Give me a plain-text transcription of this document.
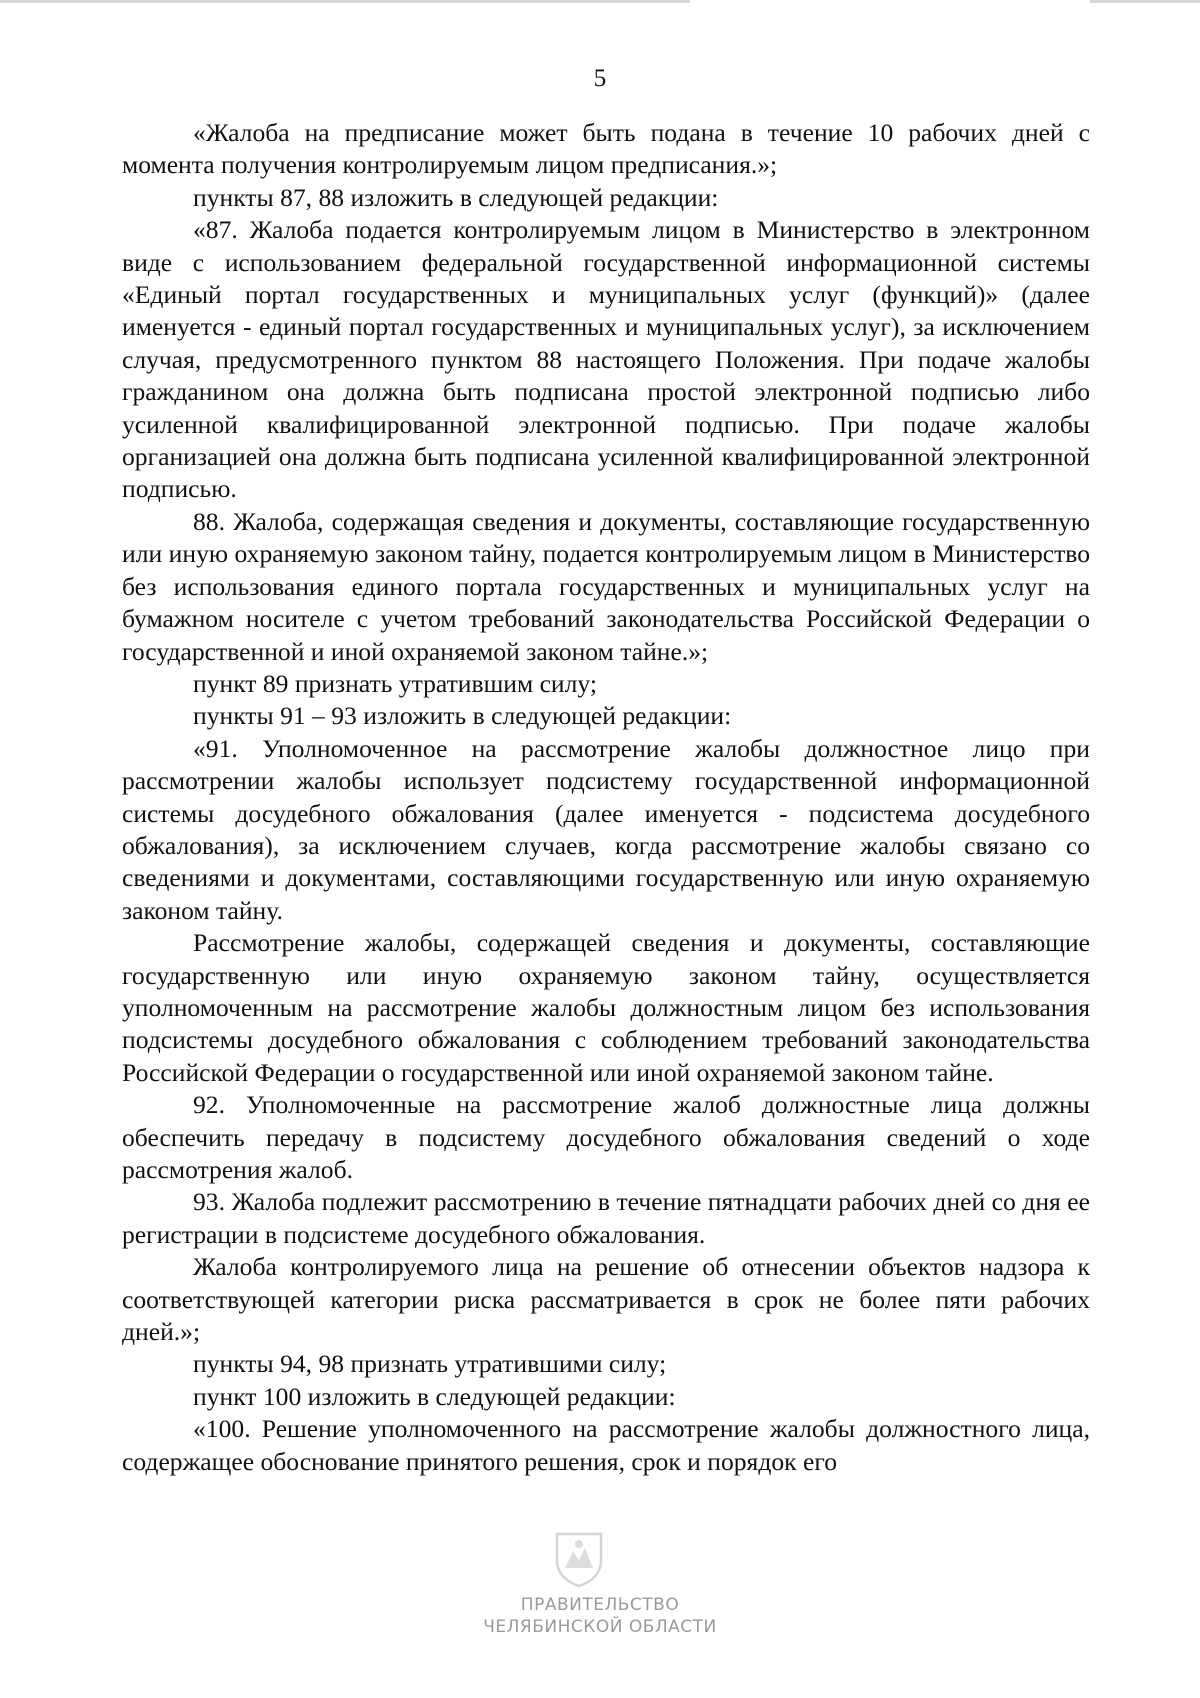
5

«Жалоба на предписание может быть подана в течение 10 рабочих дней с момента получения контролируемым лицом предписания.»;

пункты 87, 88 изложить в следующей редакции:

«87. Жалоба подается контролируемым лицом в Министерство в электронном виде с использованием федеральной государственной информационной системы «Единый портал государственных и муниципальных услуг (функций)» (далее именуется - единый портал государственных и муниципальных услуг), за исключением случая, предусмотренного пунктом 88 настоящего Положения. При подаче жалобы гражданином она должна быть подписана простой электронной подписью либо усиленной квалифицированной электронной подписью. При подаче жалобы организацией она должна быть подписана усиленной квалифицированной электронной подписью.

88. Жалоба, содержащая сведения и документы, составляющие государственную или иную охраняемую законом тайну, подается контролируемым лицом в Министерство без использования единого портала государственных и муниципальных услуг на бумажном носителе с учетом требований законодательства Российской Федерации о государственной и иной охраняемой законом тайне.»;

пункт 89 признать утратившим силу;

пункты 91 – 93 изложить в следующей редакции:

«91. Уполномоченное на рассмотрение жалобы должностное лицо при рассмотрении жалобы использует подсистему государственной информационной системы досудебного обжалования (далее именуется - подсистема досудебного обжалования), за исключением случаев, когда рассмотрение жалобы связано со сведениями и документами, составляющими государственную или иную охраняемую законом тайну.

Рассмотрение жалобы, содержащей сведения и документы, составляющие государственную или иную охраняемую законом тайну, осуществляется уполномоченным на рассмотрение жалобы должностным лицом без использования подсистемы досудебного обжалования с соблюдением требований законодательства Российской Федерации о государственной или иной охраняемой законом тайне.

92. Уполномоченные на рассмотрение жалоб должностные лица должны обеспечить передачу в подсистему досудебного обжалования сведений о ходе рассмотрения жалоб.

93. Жалоба подлежит рассмотрению в течение пятнадцати рабочих дней со дня ее регистрации в подсистеме досудебного обжалования.

Жалоба контролируемого лица на решение об отнесении объектов надзора к соответствующей категории риска рассматривается в срок не более пяти рабочих дней.»;

пункты 94, 98 признать утратившими силу;

пункт 100 изложить в следующей редакции:

«100. Решение уполномоченного на рассмотрение жалобы должностного лица, содержащее обоснование принятого решения, срок и порядок его

ПРАВИТЕЛЬСТВО
ЧЕЛЯБИНСКОЙ ОБЛАСТИ
